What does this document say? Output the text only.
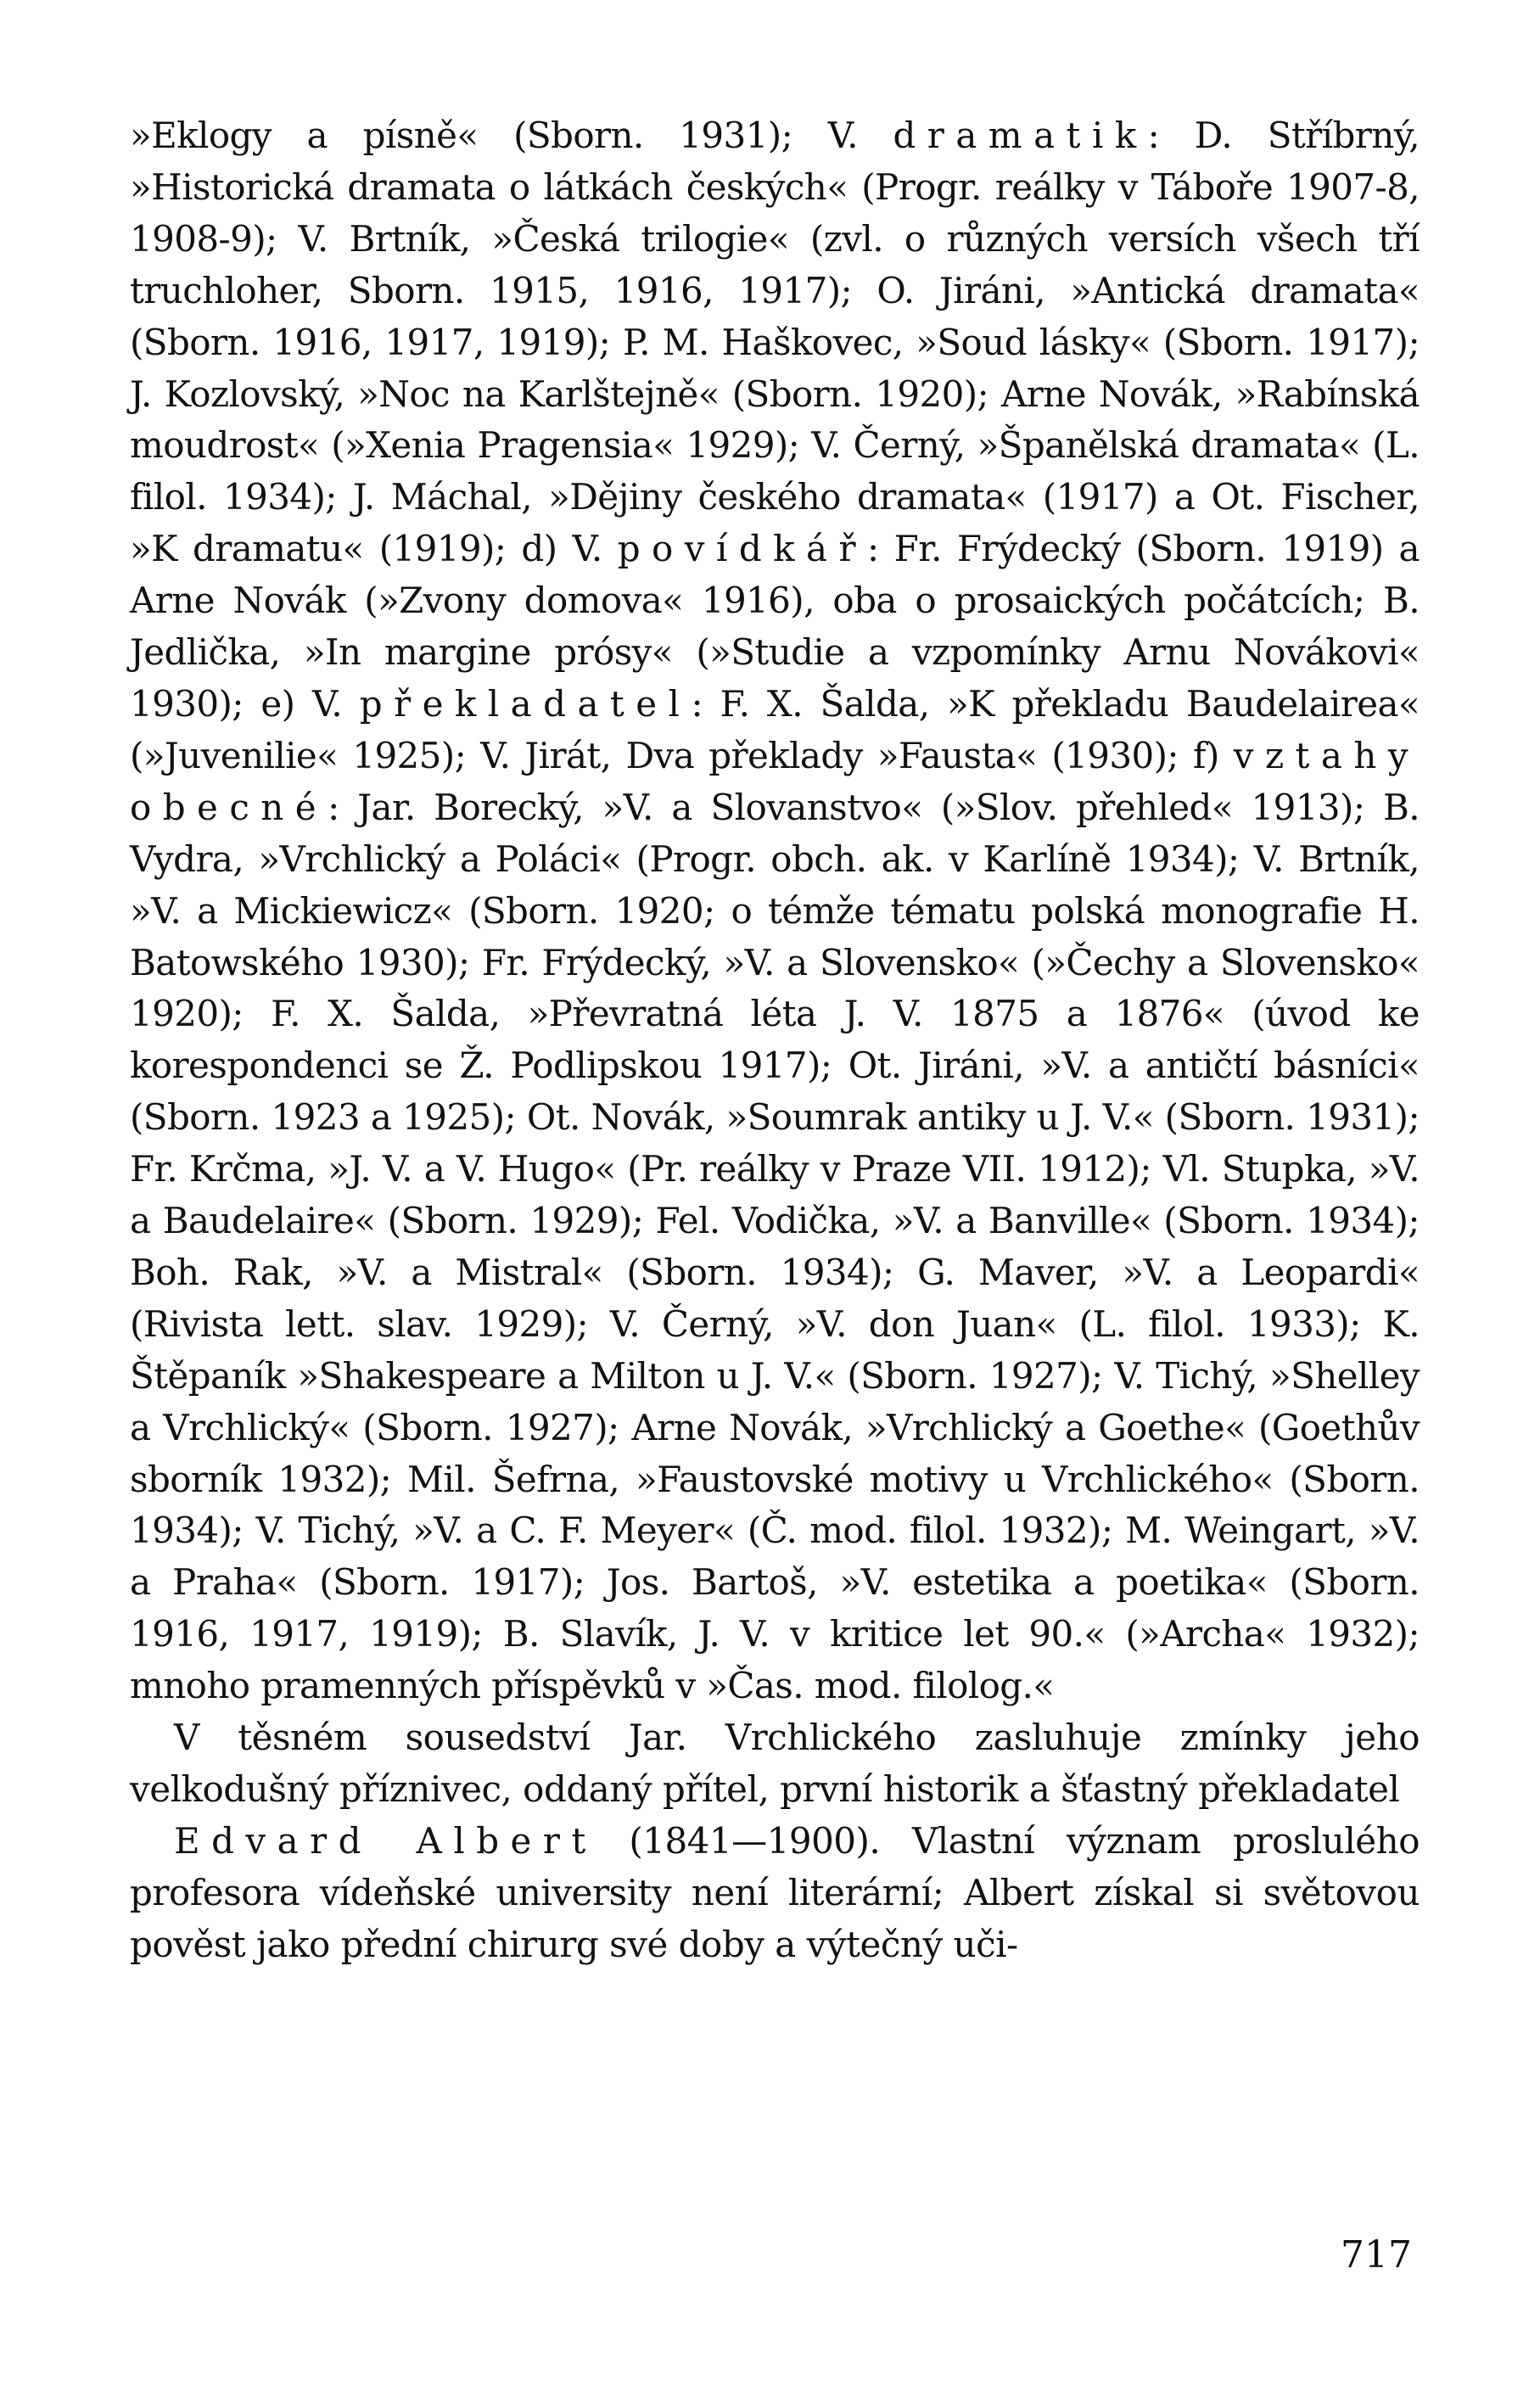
»Eklogy a písně« (Sborn. 1931); V. dramatik: D. Stříbrný, »Historická dramata o látkách českých« (Progr. reálky v Táboře 1907-8, 1908-9); V. Brtník, »Česká trilogie« (zvl. o různých versích všech tří truchloher, Sborn. 1915, 1916, 1917); O. Jiráni, »Antická dramata« (Sborn. 1916, 1917, 1919); P. M. Haškovec, »Soud lásky« (Sborn. 1917); J. Kozlovský, »Noc na Karlštejně« (Sborn. 1920); Arne Novák, »Rabínská moudrost« (»Xenia Pragensia« 1929); V. Černý, »Španělská dramata« (L. filol. 1934); J. Máchal, »Dějiny českého dramata« (1917) a Ot. Fischer, »K dramatu« (1919); d) V. povídkář: Fr. Frýdecký (Sborn. 1919) a Arne Novák (»Zvony domova« 1916), oba o prosaických počátcích; B. Jedlička, »In margine prósy« (»Studie a vzpomínky Arnu Novákovi« 1930); e) V. překladatel: F. X. Šalda, »K překladu Baudelairea« (»Juvenilie« 1925); V. Jirát, Dva překlady »Fausta« (1930); f) vztahy obecné: Jar. Borecký, »V. a Slovanstvo« (»Slov. přehled« 1913); B. Vydra, »Vrchlický a Poláci« (Progr. obch. ak. v Karlíně 1934); V. Brtník, »V. a Mickiewicz« (Sborn. 1920; o témže tématu polská monografie H. Batowského 1930); Fr. Frýdecký, »V. a Slovensko« (»Čechy a Slovensko« 1920); F. X. Šalda, »Převratná léta J. V. 1875 a 1876« (úvod ke korespondenci se Ž. Podlipskou 1917); Ot. Jiráni, »V. a antičtí básníci« (Sborn. 1923 a 1925); Ot. Novák, »Soumrak antiky u J. V.« (Sborn. 1931); Fr. Krčma, »J. V. a V. Hugo« (Pr. reálky v Praze VII. 1912); Vl. Stupka, »V. a Baudelaire« (Sborn. 1929); Fel. Vodička, »V. a Banville« (Sborn. 1934); Boh. Rak, »V. a Mistral« (Sborn. 1934); G. Maver, »V. a Leopardi« (Rivista lett. slav. 1929); V. Černý, »V. don Juan« (L. filol. 1933); K. Štěpaník »Shakespeare a Milton u J. V.« (Sborn. 1927); V. Tichý, »Shelley a Vrchlický« (Sborn. 1927); Arne Novák, »Vrchlický a Goethe« (Goethův sborník 1932); Mil. Šefrna, »Faustovské motivy u Vrchlického« (Sborn. 1934); V. Tichý, »V. a C. F. Meyer« (Č. mod. filol. 1932); M. Weingart, »V. a Praha« (Sborn. 1917); Jos. Bartoš, »V. estetika a poetika« (Sborn. 1916, 1917, 1919); B. Slavík, J. V. v kritice let 90.« (»Archa« 1932); mnoho pramenných příspěvků v »Čas. mod. filolog.«

V těsném sousedství Jar. Vrchlického zasluhuje zmínky jeho velkodušný příznivec, oddaný přítel, první historik a šťastný překladatel

Edvard Albert (1841—1900). Vlastní význam proslulého profesora vídeňské university není literární; Albert získal si světovou pověst jako přední chirurg své doby a výtečný uči-

717
